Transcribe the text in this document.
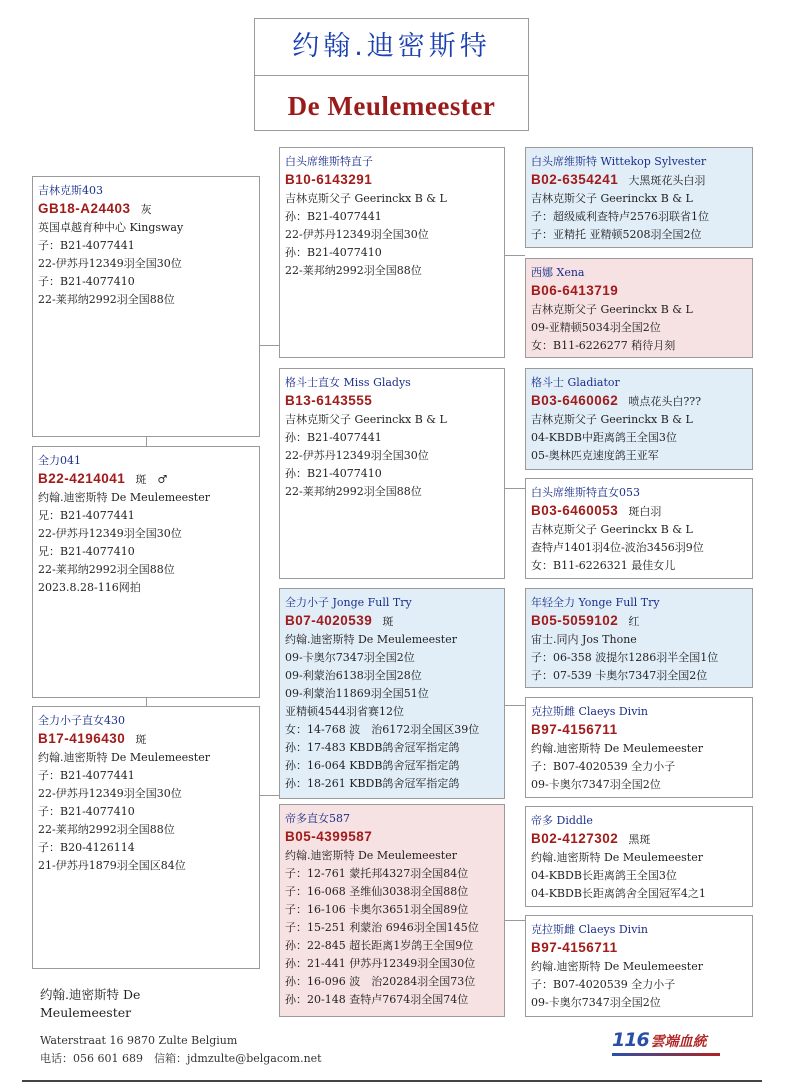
约翰.迪密斯特
De Meulemeester
吉林克斯403
GB18-A24403 灰
英国卓越育种中心 Kingsway
子：B21-4077441
22-伊苏丹12349羽全国30位
子：B21-4077410
22-莱邦纳2992羽全国88位
全力041
B22-4214041 斑　♂
约翰.迪密斯特 De Meulemeester
兄：B21-4077441
22-伊苏丹12349羽全国30位
兄：B21-4077410
22-莱邦纳2992羽全国88位
2023.8.28-116网拍
全力小子直女430
B17-4196430 斑
约翰.迪密斯特 De Meulemeester
子：B21-4077441
22-伊苏丹12349羽全国30位
子：B21-4077410
22-莱邦纳2992羽全国88位
子：B20-4126114
21-伊苏丹1879羽全国区84位
白头席维斯特直子
B10-6143291
吉林克斯父子 Geerinckx B & L
孙：B21-4077441
22-伊苏丹12349羽全国30位
孙：B21-4077410
22-莱邦纳2992羽全国88位
格斗士直女 Miss Gladys
B13-6143555
吉林克斯父子 Geerinckx B & L
孙：B21-4077441
22-伊苏丹12349羽全国30位
孙：B21-4077410
22-莱邦纳2992羽全国88位
全力小子 Jonge Full Try
B07-4020539 斑
约翰.迪密斯特 De Meulemeester
09-卡奥尔7347羽全国2位
09-利蒙治6138羽全国28位
09-利蒙治11869羽全国51位
亚精顿4544羽省赛12位
女：14-768 波　治6172羽全国区39位
孙：17-483 KBDB鸽舍冠军指定鸽
孙：16-064 KBDB鸽舍冠军指定鸽
孙：18-261 KBDB鸽舍冠军指定鸽
帝多直女587
B05-4399587
约翰.迪密斯特 De Meulemeester
子：12-761 蒙托邦4327羽全国84位
子：16-068 圣维仙3038羽全国88位
子：16-106 卡奥尔3651羽全国89位
子：15-251 利蒙治 6946羽全国145位
孙：22-845 超长距离1岁鸽王全国9位
孙：21-441 伊苏丹12349羽全国30位
孙：16-096 波　治20284羽全国73位
孙：20-148 查特卢7674羽全国74位
白头席维斯特 Wittekop Sylvester
B02-6354241 大黑斑花头白羽
吉林克斯父子 Geerinckx B & L
子：超级威利查特卢2576羽联省1位
子：亚精托 亚精顿5208羽全国2位
西娜 Xena
B06-6413719
吉林克斯父子 Geerinckx B & L
09-亚精顿5034羽全国2位
女：B11-6226277 稍待月刻
格斗士 Gladiator
B03-6460062 喷点花头白???
吉林克斯父子 Geerinckx B & L
04-KBDB中距离鸽王全国3位
05-奥林匹克速度鸽王亚军
白头席维斯特直女053
B03-6460053 斑白羽
吉林克斯父子 Geerinckx B & L
查特卢1401羽4位-波治3456羽9位
女：B11-6226321 最佳女儿
年轻全力 Yonge Full Try
B05-5059102 红
宙士.同内 Jos Thone
子：06-358 波提尔1286羽半全国1位
子：07-539 卡奥尔7347羽全国2位
克拉斯雌 Claeys Divin
B97-4156711
约翰.迪密斯特 De Meulemeester
子：B07-4020539 全力小子
09-卡奥尔7347羽全国2位
帝多 Diddle
B02-4127302 黑斑
约翰.迪密斯特 De Meulemeester
04-KBDB长距离鸽王全国3位
04-KBDB长距离鸽舍全国冠军4之1
克拉斯雌 Claeys Divin
B97-4156711
约翰.迪密斯特 De Meulemeester
子：B07-4020539 全力小子
09-卡奥尔7347羽全国2位
约翰.迪密斯特 De
Meulemeester
Waterstraat 16 9870 Zulte Belgium
电话：056 601 689　信箱：jdmzulte@belgacom.net
116 雲端血統
